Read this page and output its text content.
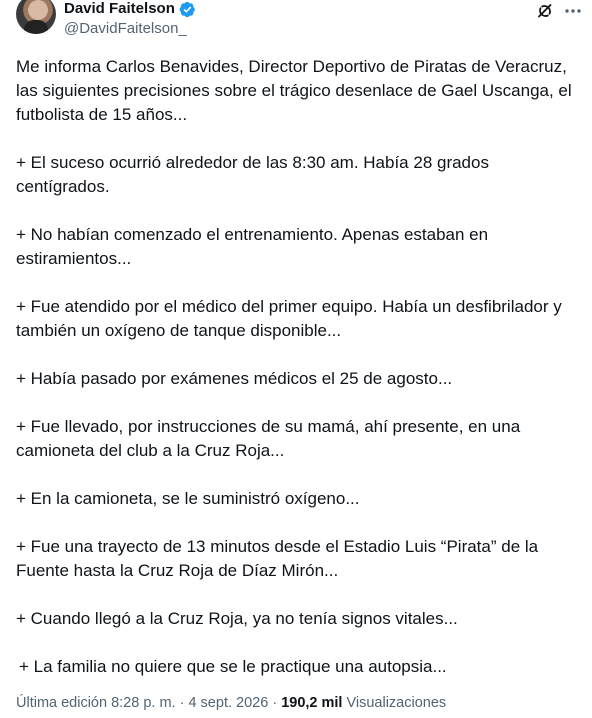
David Faitelson
@DavidFaitelson_

Me informa Carlos Benavides, Director Deportivo de Piratas de Veracruz, las siguientes precisiones sobre el trágico desenlace de Gael Uscanga, el futbolista de 15 años...

+ El suceso ocurrió alrededor de las 8:30 am. Había 28 grados centígrados.

+ No habían comenzado el entrenamiento. Apenas estaban en estiramientos...

+ Fue atendido por el médico del primer equipo. Había un desfibrilador y también un oxígeno de tanque disponible...

+ Había pasado por exámenes médicos el 25 de agosto...

+ Fue llevado, por instrucciones de su mamá, ahí presente, en una camioneta del club a la Cruz Roja...

+ En la camioneta, se le suministró oxígeno...

+ Fue una trayecto de 13 minutos desde el Estadio Luis “Pirata” de la Fuente hasta la Cruz Roja de Díaz Mirón...

+ Cuando llegó a la Cruz Roja, ya no tenía signos vitales...

+ La familia no quiere que se le practique una autopsia...

Última edición 8:28 p. m. · 4 sept. 2026 · 190,2 mil Visualizaciones
